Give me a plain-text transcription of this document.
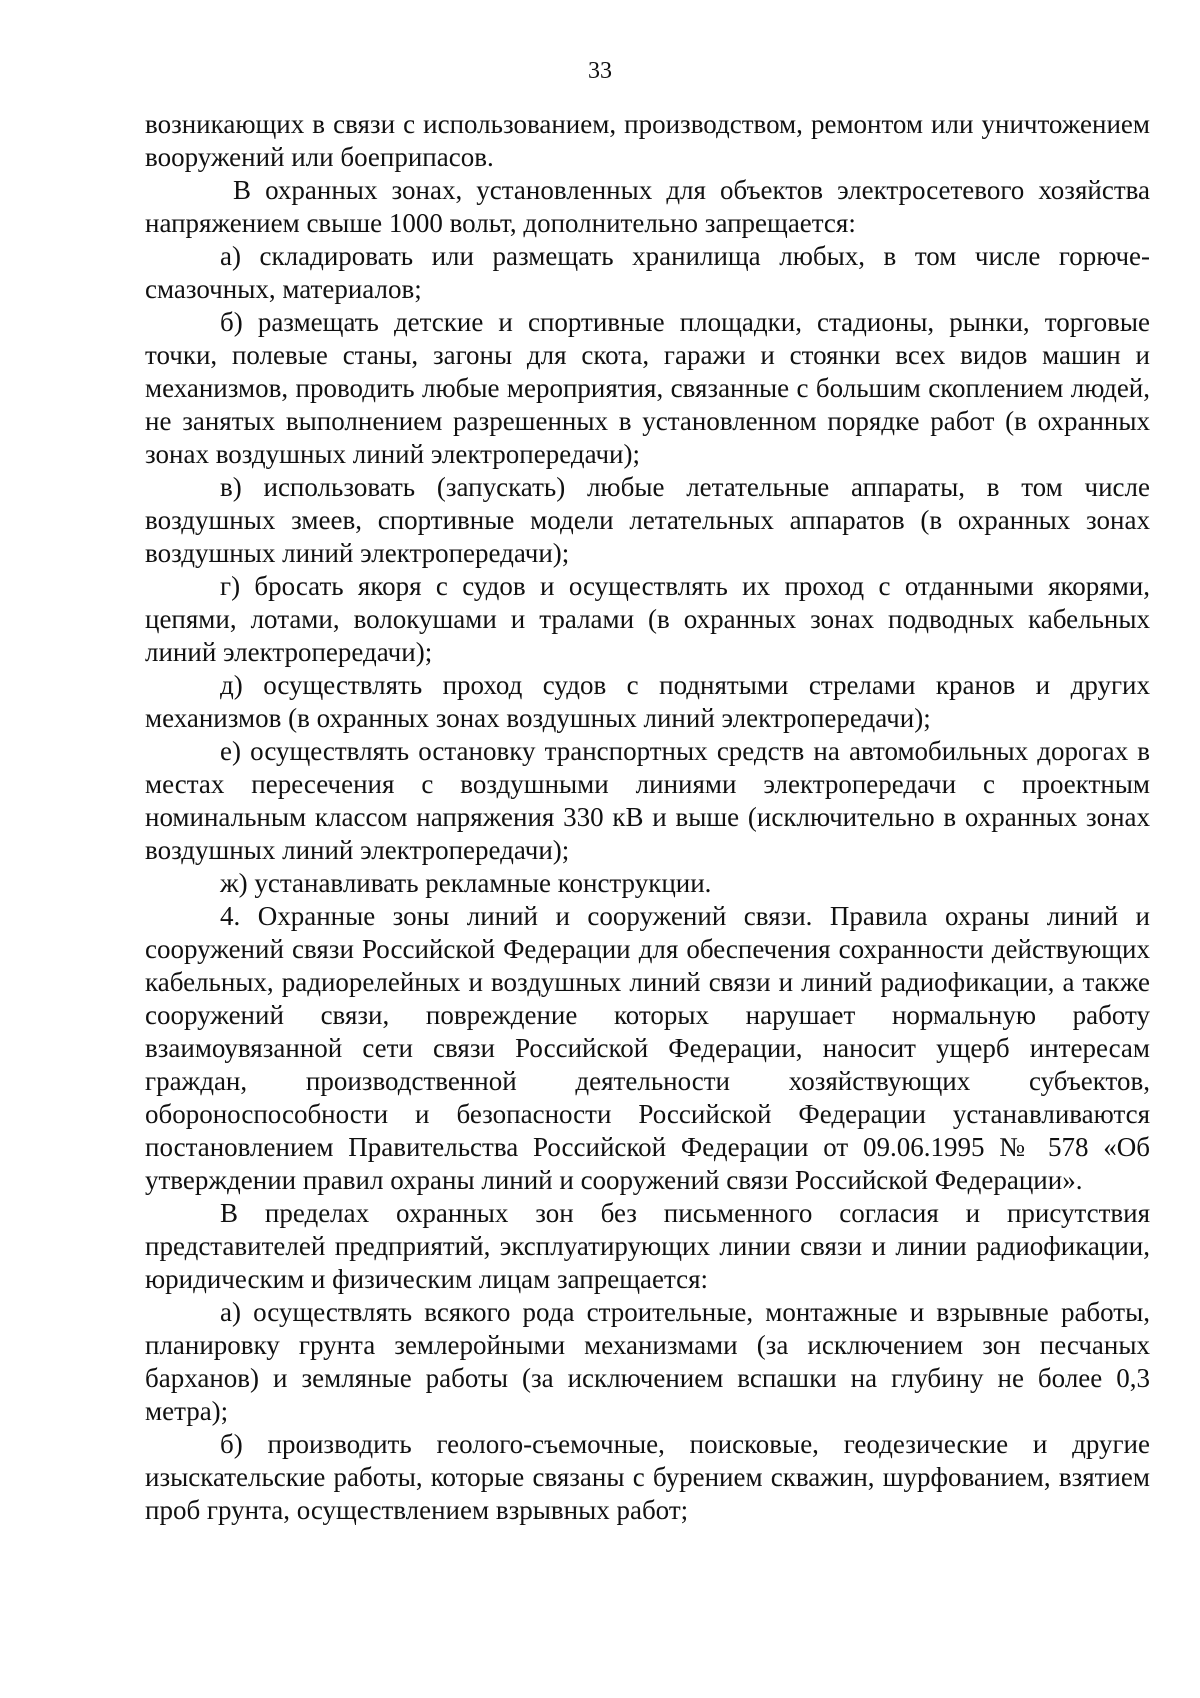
33

возникающих в связи с использованием, производством, ремонтом или уничтожением вооружений или боеприпасов.

В охранных зонах, установленных для объектов электросетевого хозяйства напряжением свыше 1000 вольт, дополнительно запрещается:

а) складировать или размещать хранилища любых, в том числе горюче-смазочных, материалов;

б) размещать детские и спортивные площадки, стадионы, рынки, торговые точки, полевые станы, загоны для скота, гаражи и стоянки всех видов машин и механизмов, проводить любые мероприятия, связанные с большим скоплением людей, не занятых выполнением разрешенных в установленном порядке работ (в охранных зонах воздушных линий электропередачи);

в) использовать (запускать) любые летательные аппараты, в том числе воздушных змеев, спортивные модели летательных аппаратов (в охранных зонах воздушных линий электропередачи);

г) бросать якоря с судов и осуществлять их проход с отданными якорями, цепями, лотами, волокушами и тралами (в охранных зонах подводных кабельных линий электропередачи);

д) осуществлять проход судов с поднятыми стрелами кранов и других механизмов (в охранных зонах воздушных линий электропередачи);

е) осуществлять остановку транспортных средств на автомобильных дорогах в местах пересечения с воздушными линиями электропередачи с проектным номинальным классом напряжения 330 кВ и выше (исключительно в охранных зонах воздушных линий электропередачи);

ж) устанавливать рекламные конструкции.

4. Охранные зоны линий и сооружений связи. Правила охраны линий и сооружений связи Российской Федерации для обеспечения сохранности действующих кабельных, радиорелейных и воздушных линий связи и линий радиофикации, а также сооружений связи, повреждение которых нарушает нормальную работу взаимоувязанной сети связи Российской Федерации, наносит ущерб интересам граждан, производственной деятельности хозяйствующих субъектов, обороноспособности и безопасности Российской Федерации устанавливаются постановлением Правительства Российской Федерации от 09.06.1995 № 578 «Об утверждении правил охраны линий и сооружений связи Российской Федерации».

В пределах охранных зон без письменного согласия и присутствия представителей предприятий, эксплуатирующих линии связи и линии радиофикации, юридическим и физическим лицам запрещается:

а) осуществлять всякого рода строительные, монтажные и взрывные работы, планировку грунта землеройными механизмами (за исключением зон песчаных барханов) и земляные работы (за исключением вспашки на глубину не более 0,3 метра);

б) производить геолого-съемочные, поисковые, геодезические и другие изыскательские работы, которые связаны с бурением скважин, шурфованием, взятием проб грунта, осуществлением взрывных работ;
